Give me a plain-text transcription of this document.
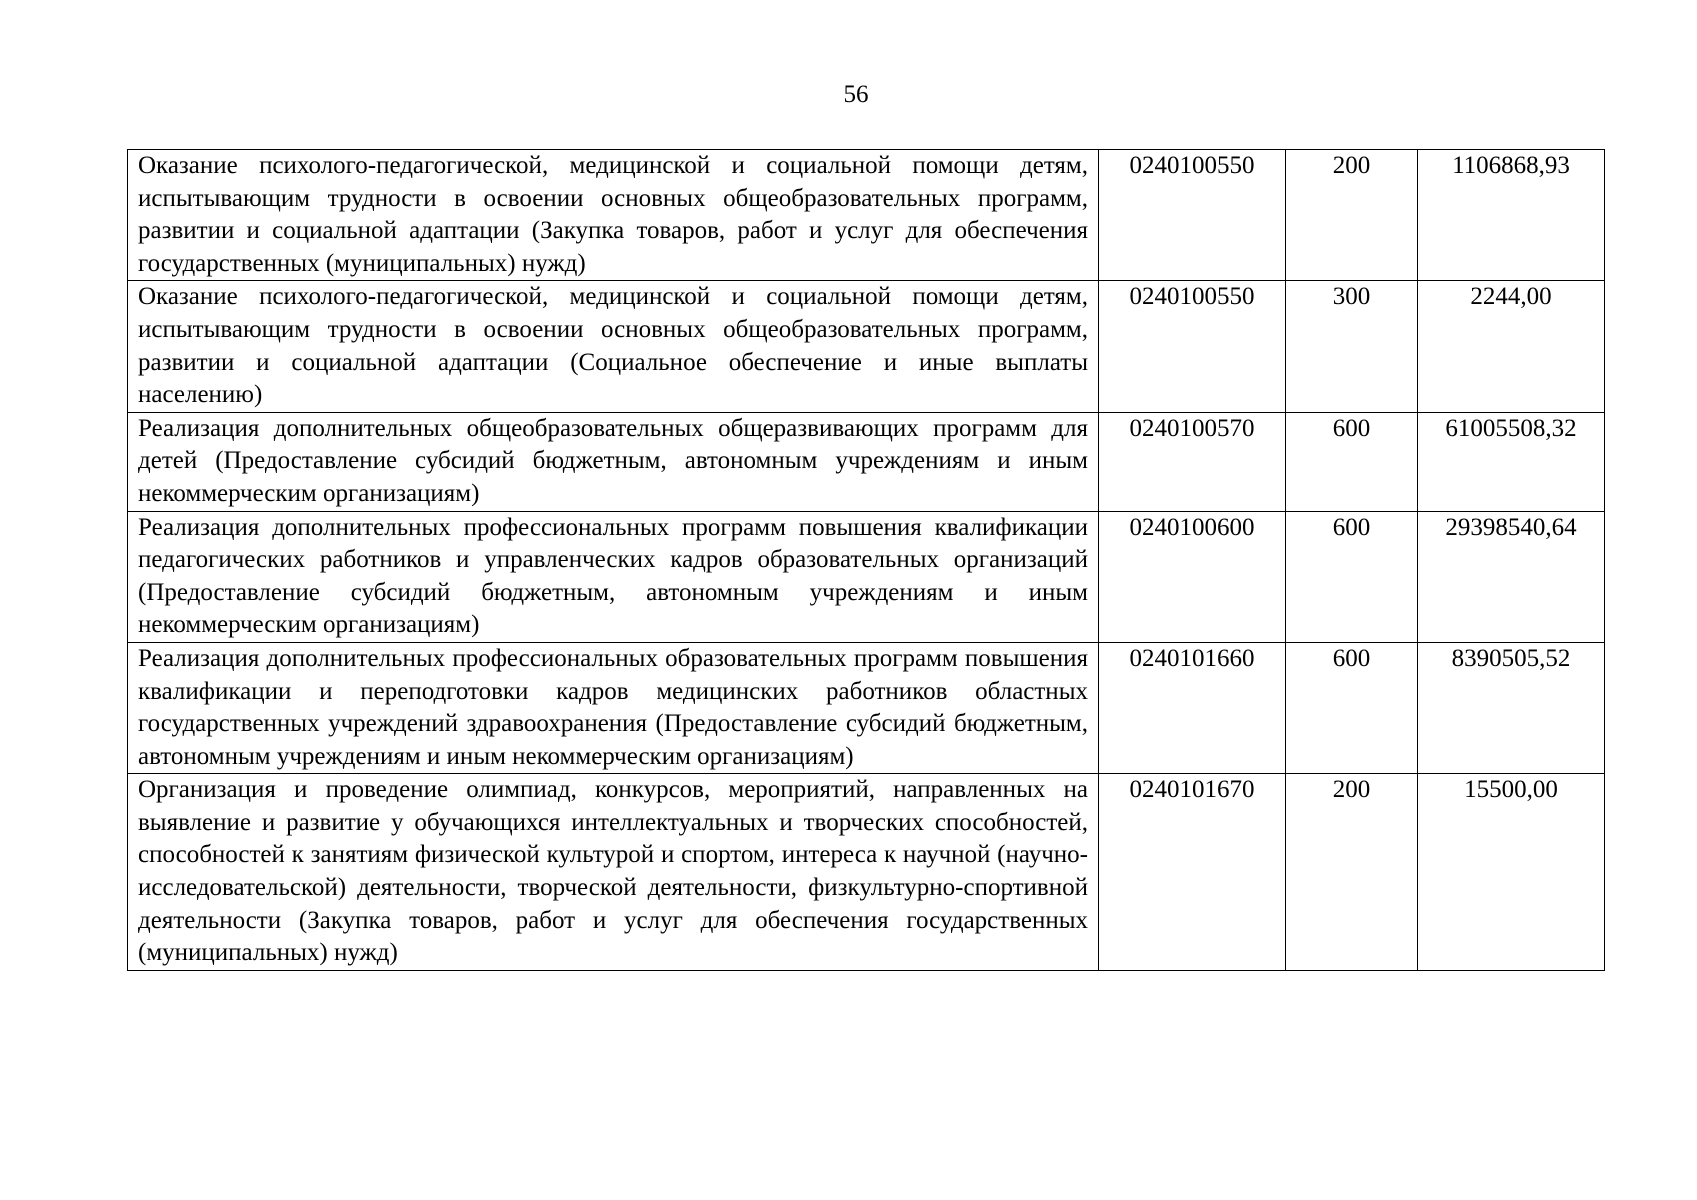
56
Оказание психолого-педагогической, медицинской и социальной помощи детям, испытывающим трудности в освоении основных общеобразовательных программ, развитии и социальной адаптации (Закупка товаров, работ и услуг для обеспечения государственных (муниципальных) нужд)	0240100550	200	1106868,93
Оказание психолого-педагогической, медицинской и социальной помощи детям, испытывающим трудности в освоении основных общеобразовательных программ, развитии и социальной адаптации (Социальное обеспечение и иные выплаты населению)	0240100550	300	2244,00
Реализация дополнительных общеобразовательных общеразвивающих программ для детей (Предоставление субсидий бюджетным, автономным учреждениям и иным некоммерческим организациям)	0240100570	600	61005508,32
Реализация дополнительных профессиональных программ повышения квалификации педагогических работников и управленческих кадров образовательных организаций (Предоставление субсидий бюджетным, автономным учреждениям и иным некоммерческим организациям)	0240100600	600	29398540,64
Реализация дополнительных профессиональных образовательных программ повышения квалификации и переподготовки кадров медицинских работников областных государственных учреждений здравоохранения (Предоставление субсидий бюджетным, автономным учреждениям и иным некоммерческим организациям)	0240101660	600	8390505,52
Организация и проведение олимпиад, конкурсов, мероприятий, направленных на выявление и развитие у обучающихся интеллектуальных и творческих способностей, способностей к занятиям физической культурой и спортом, интереса к научной (научно-исследовательской) деятельности, творческой деятельности, физкультурно-спортивной деятельности (Закупка товаров, работ и услуг для обеспечения государственных (муниципальных) нужд)	0240101670	200	15500,00
